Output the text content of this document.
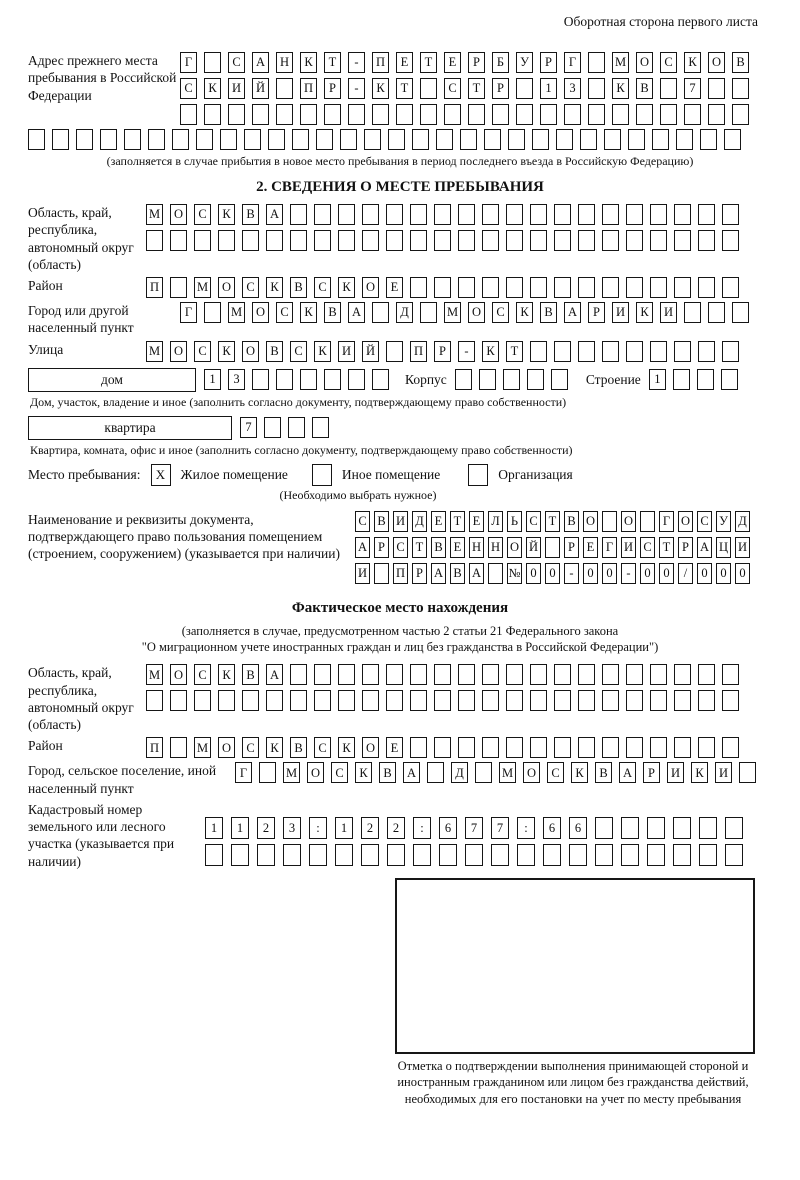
Оборотная сторона первого листа
Адрес прежнего места пребывания в Российской Федерации
Г	С	А	Н	К	Т	-	П	Е	Т	Е	Р	Б	У	Р	Г	М	О	С	К	О	В
С	К	И	Й	П	Р	-	К	Т	С	Т	Р	1	3	К	В	7
(заполняется в случае прибытия в новое место пребывания в период последнего въезда в Российскую Федерацию)
2. СВЕДЕНИЯ О МЕСТЕ ПРЕБЫВАНИЯ
Область, край, республика, автономный округ (область)
М	О	С	К	В	А
Район	П	М	О	С	К	В	С	К	О	Е
Город или другой населенный пункт
Г	М	О	С	К	В	А	Д	М	О	С	К	В	А	Р	И	К	И
Улица	М	О	С	К	О	В	С	К	И	Й	П	Р	-	К	Т
дом	1	3	Корпус	Строение	1
Дом, участок, владение и иное (заполнить согласно документу, подтверждающему право собственности)
квартира	7
Квартира, комната, офис и иное (заполнить согласно документу, подтверждающему право собственности)
Место пребывания:	X	Жилое помещение	Иное помещение	Организация
(Необходимо выбрать нужное)
Наименование и реквизиты документа, подтверждающего право пользования помещением (строением, сооружением) (указывается при наличии)
С В И Д Е Т Е Л Ь С Т В О О	Г О С У Д
А Р С Т В Е Н Н О Й	Р Е Г И С Т Р А Ц И
И П Р А В А № 0	0	-	0	0	-	0	0	/	0	0	0
Фактическое место нахождения
(заполняется в случае, предусмотренном частью 2 статьи 21 Федерального закона
"О миграционном учете иностранных граждан и лиц без гражданства в Российской Федерации")
Область, край, республика, автономный округ (область)
М	О	С	К	В	А
Район	П	М	О	С	К	В	С	К	О	Е
Город, сельское поселение, иной населенный пункт
Г	М	О	С	К	В	А	Д	М	О	С	К	В	А	Р	И	К	И
Кадастровый номер земельного или лесного участка (указывается при наличии)
1	1	2	3	:	1	2	2	:	6	7	7	:	6	6
Отметка о подтверждении выполнения принимающей стороной и иностранным гражданином или лицом без гражданства действий, необходимых для его постановки на учет по месту пребывания
